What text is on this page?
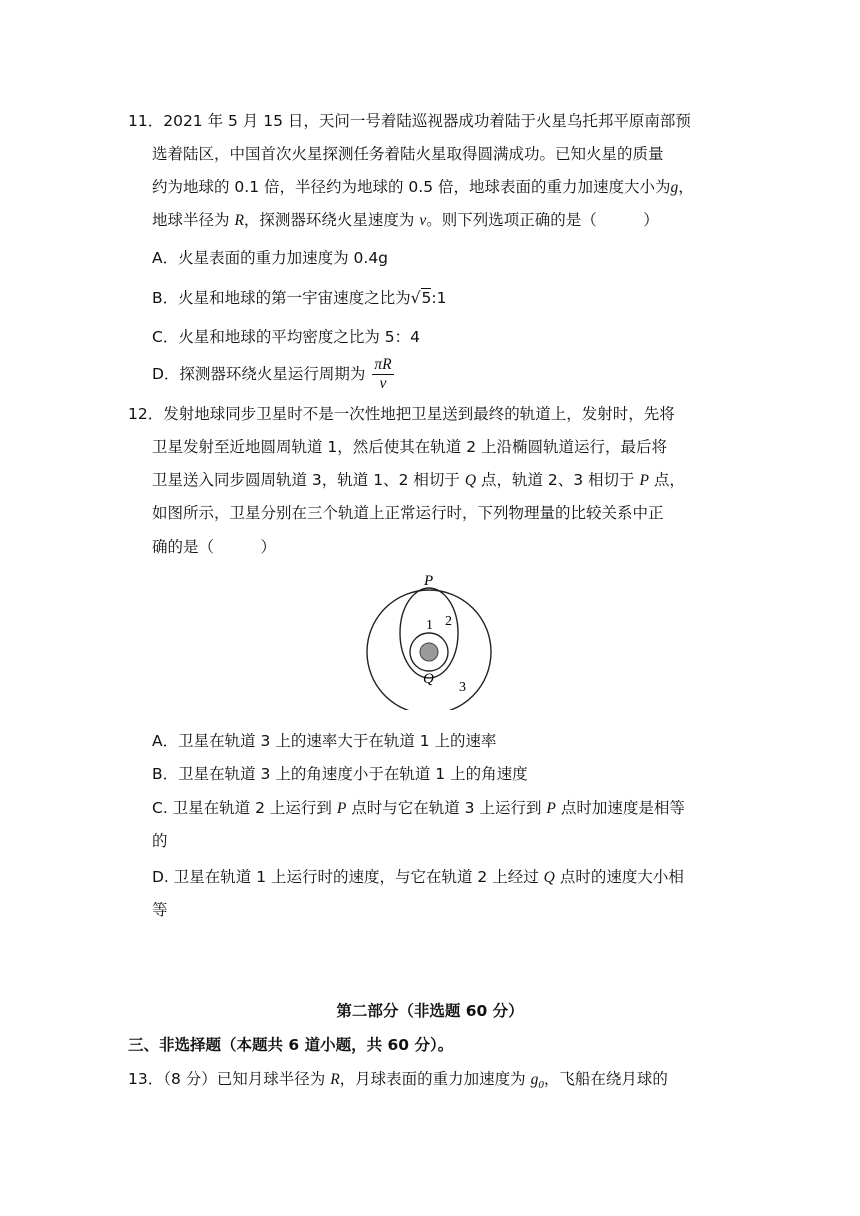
11．2021 年 5 月 15 日，天问一号着陆巡视器成功着陆于火星乌托邦平原南部预
选着陆区，中国首次火星探测任务着陆火星取得圆满成功。已知火星的质量
约为地球的 0.1 倍，半径约为地球的 0.5 倍，地球表面的重力加速度大小为g，
地球半径为 R，探测器环绕火星速度为 v。则下列选项正确的是（　　　）
A．火星表面的重力加速度为 0.4g
B．火星和地球的第一宇宙速度之比为√5:1
C．火星和地球的平均密度之比为 5：4
D．探测器环绕火星运行周期为 $\frac{\pi R}{v}$
12．发射地球同步卫星时不是一次性地把卫星送到最终的轨道上，发射时，先将
卫星发射至近地圆周轨道 1，然后使其在轨道 2 上沿椭圆轨道运行，最后将
卫星送入同步圆周轨道 3，轨道 1、2 相切于 Q 点，轨道 2、3 相切于 P 点，
如图所示，卫星分别在三个轨道上正常运行时，下列物理量的比较关系中正
确的是（　　　）
P
Q
1 2
3
A．卫星在轨道 3 上的速率大于在轨道 1 上的速率
B．卫星在轨道 3 上的角速度小于在轨道 1 上的角速度
C. 卫星在轨道 2 上运行到 P 点时与它在轨道 3 上运行到 P 点时加速度是相等
的
D. 卫星在轨道 1 上运行时的速度，与它在轨道 2 上经过 Q 点时的速度大小相
等
第二部分（非选题 60 分）
三、非选择题（本题共 6 道小题，共 60 分）。
13．（8 分）已知月球半径为 R，月球表面的重力加速度为 $g_0$，飞船在绕月球的
